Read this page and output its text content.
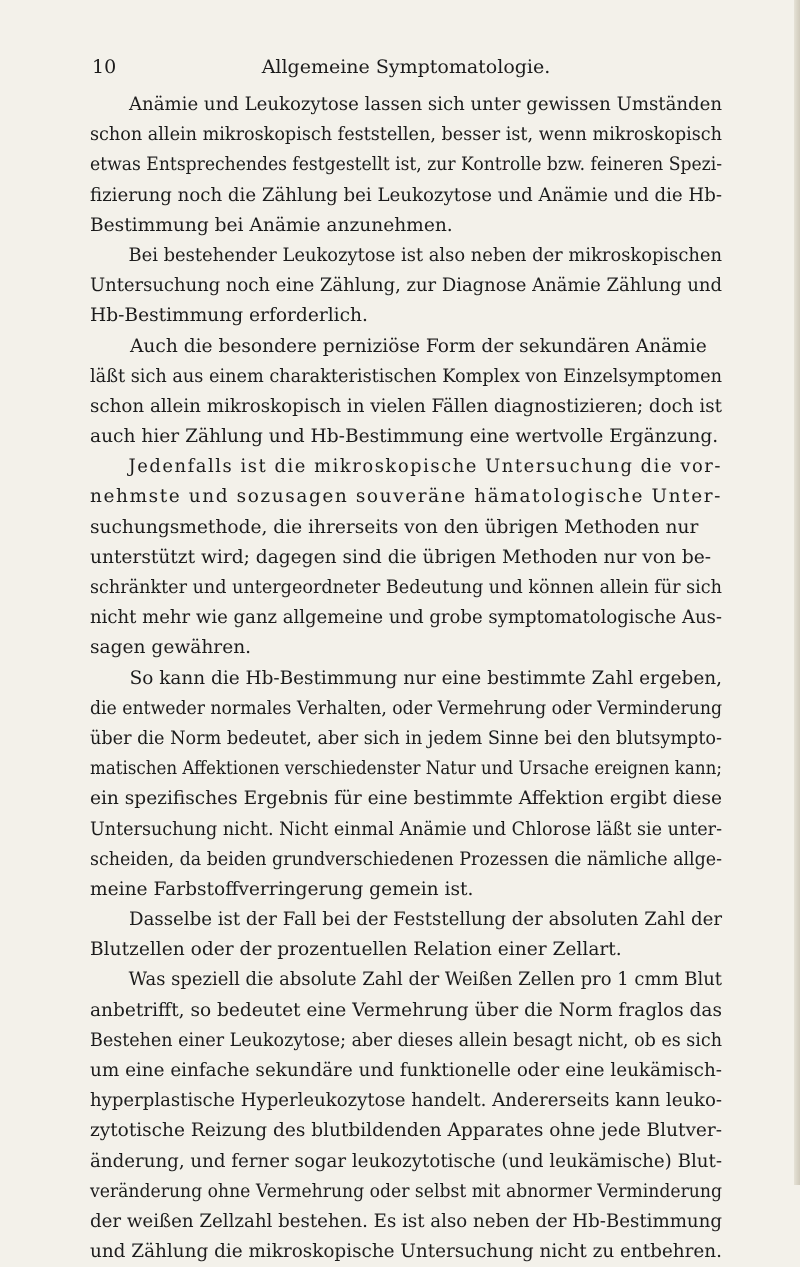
10	Allgemeine Symptomatologie.
Anämie und Leukozytose lassen sich unter gewissen Umständen
schon allein mikroskopisch feststellen, besser ist, wenn mikroskopisch
etwas Entsprechendes festgestellt ist, zur Kontrolle bzw. feineren Spezi-
fizierung noch die Zählung bei Leukozytose und Anämie und die Hb-
Bestimmung bei Anämie anzunehmen.
Bei bestehender Leukozytose ist also neben der mikroskopischen
Untersuchung noch eine Zählung, zur Diagnose Anämie Zählung und
Hb-Bestimmung erforderlich.
Auch die besondere perniziöse Form der sekundären Anämie
läßt sich aus einem charakteristischen Komplex von Einzelsymptomen
schon allein mikroskopisch in vielen Fällen diagnostizieren; doch ist
auch hier Zählung und Hb-Bestimmung eine wertvolle Ergänzung.
Jedenfalls ist die mikroskopische Untersuchung die vor-
nehmste und sozusagen souveräne hämatologische Unter-
suchungsmethode, die ihrerseits von den übrigen Methoden nur
unterstützt wird; dagegen sind die übrigen Methoden nur von be-
schränkter und untergeordneter Bedeutung und können allein für sich
nicht mehr wie ganz allgemeine und grobe symptomatologische Aus-
sagen gewähren.
So kann die Hb-Bestimmung nur eine bestimmte Zahl ergeben,
die entweder normales Verhalten, oder Vermehrung oder Verminderung
über die Norm bedeutet, aber sich in jedem Sinne bei den blutsympto-
matischen Affektionen verschiedenster Natur und Ursache ereignen kann;
ein spezifisches Ergebnis für eine bestimmte Affektion ergibt diese
Untersuchung nicht. Nicht einmal Anämie und Chlorose läßt sie unter-
scheiden, da beiden grundverschiedenen Prozessen die nämliche allge-
meine Farbstoffverringerung gemein ist.
Dasselbe ist der Fall bei der Feststellung der absoluten Zahl der
Blutzellen oder der prozentuellen Relation einer Zellart.
Was speziell die absolute Zahl der Weißen Zellen pro 1 cmm Blut
anbetrifft, so bedeutet eine Vermehrung über die Norm fraglos das
Bestehen einer Leukozytose; aber dieses allein besagt nicht, ob es sich
um eine einfache sekundäre und funktionelle oder eine leukämisch-
hyperplastische Hyperleukozytose handelt. Andererseits kann leuko-
zytotische Reizung des blutbildenden Apparates ohne jede Blutver-
änderung, und ferner sogar leukozytotische (und leukämische) Blut-
veränderung ohne Vermehrung oder selbst mit abnormer Verminderung
der weißen Zellzahl bestehen. Es ist also neben der Hb-Bestimmung
und Zählung die mikroskopische Untersuchung nicht zu entbehren.
